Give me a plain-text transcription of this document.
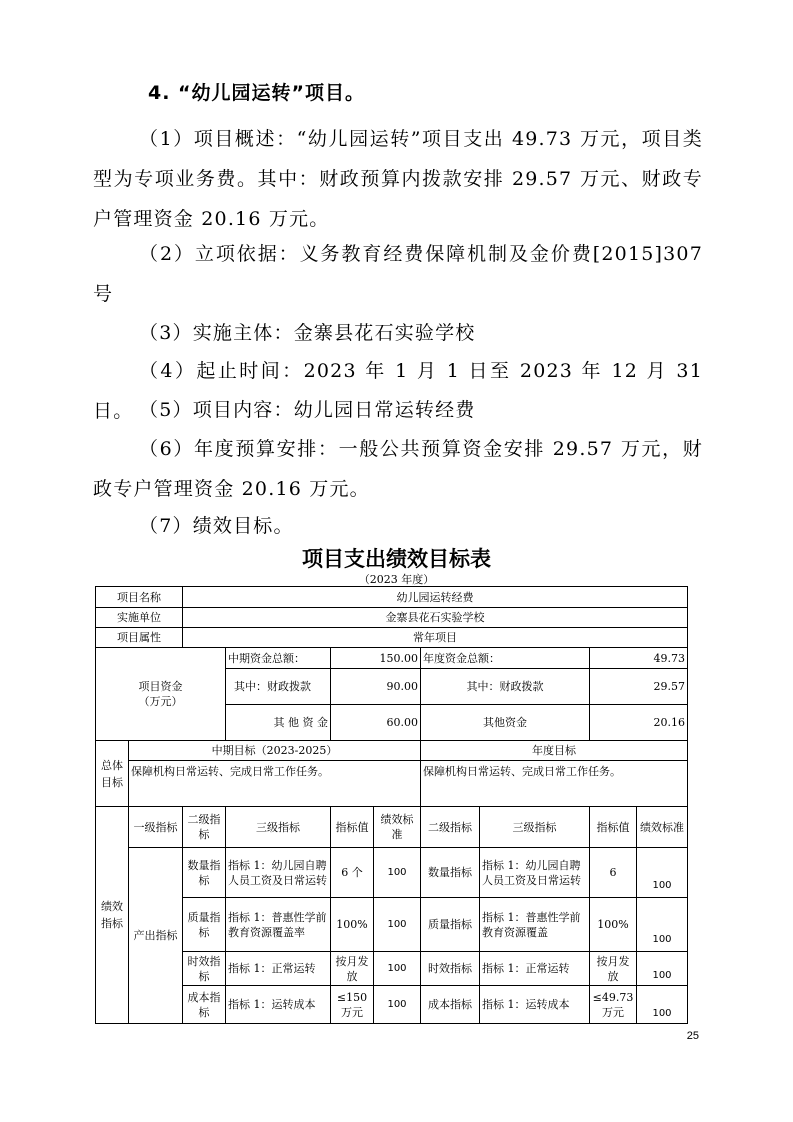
4. “幼儿园运转”项目。

（1）项目概述：“幼儿园运转”项目支出 49.73 万元，项目类型为专项业务费。其中：财政预算内拨款安排 29.57 万元、财政专户管理资金 20.16 万元。

（2）立项依据：义务教育经费保障机制及金价费[2015]307号

（3）实施主体：金寨县花石实验学校

（4）起止时间：2023 年 1 月 1 日至 2023 年 12 月 31 日。 （5）项目内容：幼儿园日常运转经费

（6）年度预算安排：一般公共预算资金安排 29.57 万元，财政专户管理资金 20.16 万元。

（7）绩效目标。

项目支出绩效目标表
（2023 年度）
项目名称		幼儿园运转经费							
实施单位		金寨县花石实验学校							
项目属性		常年项目							
项目资金
（万元）			中期资金总额：	150.00		年度资金总额：		49.73	
			其中：财政拨款	90.00		其中：财政拨款		29.57	
			其 他 资 金	60.00		其他资金		20.16	
总体目标	中期目标（2023-2025）					年度目标			
	保障机构日常运转、完成日常工作任务。					保障机构日常运转、完成日常工作任务。			
绩效指标	一级指标	二级指标	三级指标	指标值	绩效标准	二级指标	三级指标	指标值	绩效标准
	产出指标	数量指标	指标 1：幼儿园自聘人员工资及日常运转	6 个	100	数量指标	指标 1：幼儿园自聘人员工资及日常运转	6	100
		质量指标	指标 1：普惠性学前教育资源覆盖率	100%	100	质量指标	指标 1：普惠性学前教育资源覆盖	100%	100
		时效指标	指标 1：正常运转	按月发放	100	时效指标	指标 1：正常运转	按月发放	100
		成本指标	指标 1：运转成本	≤150万元	100	成本指标	指标 1：运转成本	≤49.73 万元	100
25
